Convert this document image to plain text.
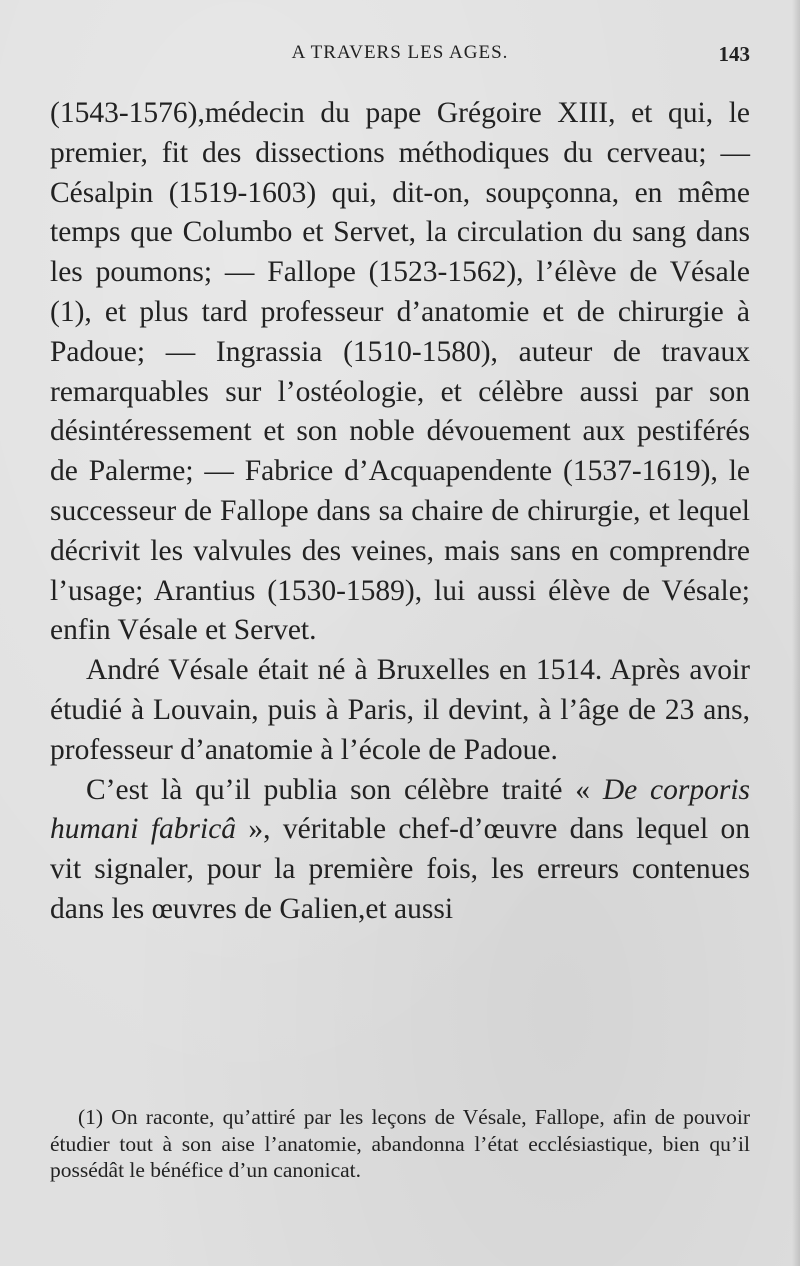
A TRAVERS LES AGES.	143

(1543-1576),médecin du pape Grégoire XIII, et qui, le premier, fit des dissections méthodiques du cerveau; — Césalpin (1519-1603) qui, dit-on, soupçonna, en même temps que Columbo et Servet, la circulation du sang dans les poumons; — Fallope (1523-1562), l’élève de Vésale (1), et plus tard professeur d’anatomie et de chirurgie à Padoue; — Ingrassia (1510-1580), auteur de travaux remarquables sur l’ostéologie, et célèbre aussi par son désintéressement et son noble dévouement aux pestiférés de Palerme; — Fabrice d’Acquapendente (1537-1619), le successeur de Fallope dans sa chaire de chirurgie, et lequel décrivit les valvules des veines, mais sans en comprendre l’usage; Arantius (1530-1589), lui aussi élève de Vésale; enfin Vésale et Servet.

André Vésale était né à Bruxelles en 1514. Après avoir étudié à Louvain, puis à Paris, il devint, à l’âge de 23 ans, professeur d’anatomie à l’école de Padoue.

C’est là qu’il publia son célèbre traité « De corporis humani fabricâ », véritable chef-d’œuvre dans lequel on vit signaler, pour la première fois, les erreurs contenues dans les œuvres de Galien,et aussi

(1) On raconte, qu’attiré par les leçons de Vésale, Fallope, afin de pouvoir étudier tout à son aise l’anatomie, abandonna l’état ecclésiastique, bien qu’il possédât le bénéfice d’un canonicat.
